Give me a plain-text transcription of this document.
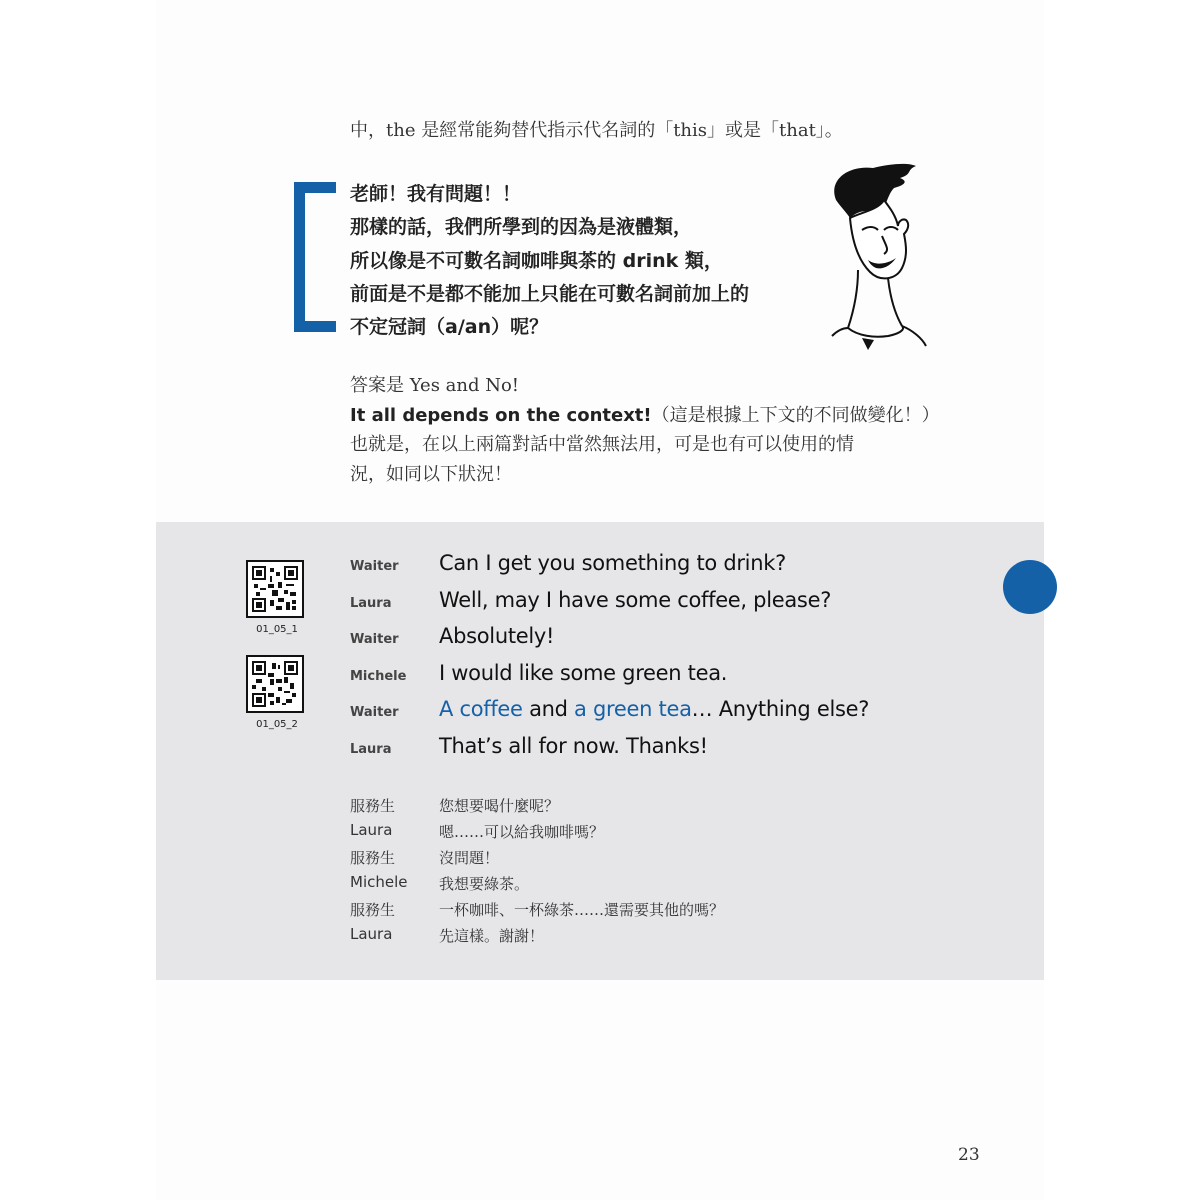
中，the 是經常能夠替代指示代名詞的「this」或是「that」。
老師！我有問題！！
那樣的話，我們所學到的因為是液體類，
所以像是不可數名詞咖啡與茶的 drink 類，
前面是不是都不能加上只能在可數名詞前加上的
不定冠詞（a/an）呢？
答案是 Yes and No!
It all depends on the context!（這是根據上下文的不同做變化！）
也就是，在以上兩篇對話中當然無法用，可是也有可以使用的情
況，如同以下狀況！
01_05_1
01_05_2
Waiter Can I get you something to drink?
Laura Well, may I have some coffee, please?
Waiter Absolutely!
Michele I would like some green tea.
Waiter A coffee and a green tea… Anything else?
Laura That’s all for now. Thanks!
服務生	您想要喝什麼呢？
Laura	嗯……可以給我咖啡嗎？
服務生	沒問題！
Michele 我想要綠茶。
服務生	一杯咖啡、一杯綠茶……還需要其他的嗎？
Laura	先這樣。謝謝！
23
